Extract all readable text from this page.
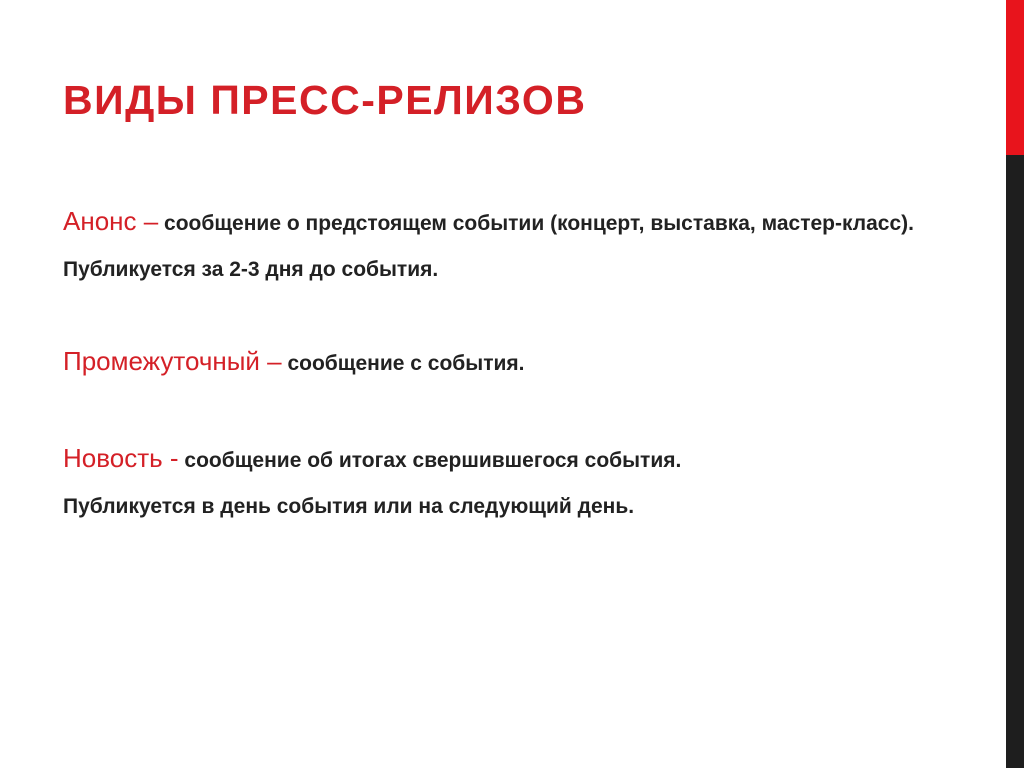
ВИДЫ ПРЕСС-РЕЛИЗОВ

Анонс – сообщение о предстоящем событии (концерт, выставка, мастер-класс).

Публикуется за 2-3 дня до события.

Промежуточный – сообщение с события.

Новость - сообщение об итогах свершившегося события.

Публикуется в день события или на следующий день.
